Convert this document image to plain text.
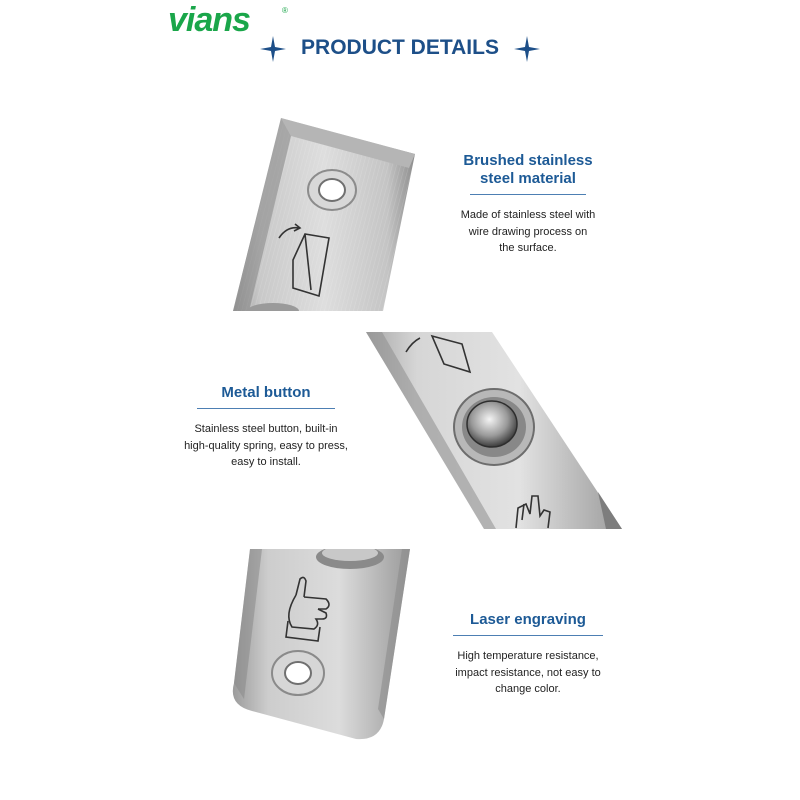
vians	®
PRODUCT DETAILS
Brushed stainless
steel material
Made of stainless steel with
wire drawing process on
the surface.
Metal button
Stainless steel button, built-in
high-quality spring, easy to press,
easy to install.
Laser engraving
High temperature resistance,
impact resistance, not easy to
change color.
